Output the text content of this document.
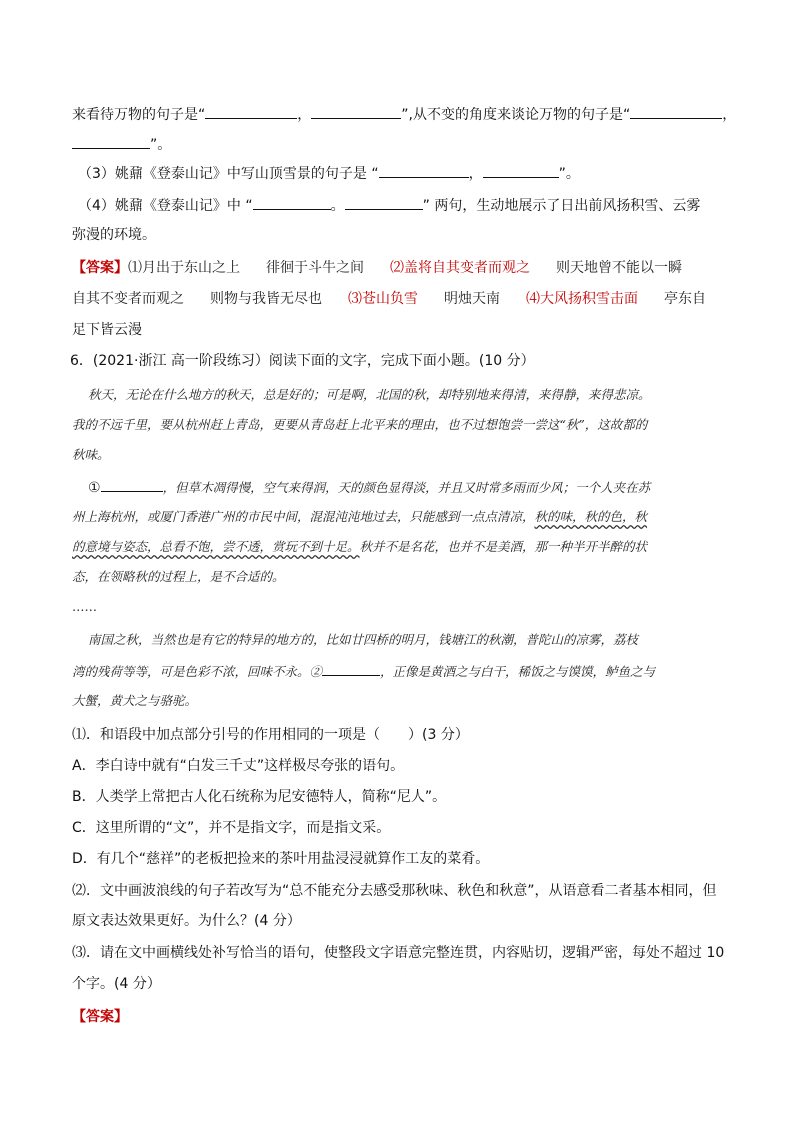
来看待万物的句子是“	，	”,从不变的角度来谈论万物的句子是“	，
”。
（3）姚鼐《登泰山记》中写山顶雪景的句子是 “	，	”。
（4）姚鼐《登泰山记》中 “	。	” 两句，生动地展示了日出前风扬积雪、云雾
弥漫的环境。
【答案】⑴月出于东山之上 徘徊于斗牛之间 ⑵盖将自其变者而观之 则天地曾不能以一瞬
自其不变者而观之 则物与我皆无尽也 ⑶苍山负雪 明烛天南 ⑷大风扬积雪击面 亭东自
足下皆云漫
6．(2021·浙江 高一阶段练习）阅读下面的文字，完成下面小题。(10 分）
秋天，无论在什么地方的秋天，总是好的；可是啊，北国的秋，却特别地来得清，来得静，来得悲凉。
我的不远千里，要从杭州赶上青岛，更要从青岛赶上北平来的理由，也不过想饱尝一尝这“秋”，这故都的
秋味。
①	，但草木凋得慢，空气来得润，天的颜色显得淡，并且又时常多雨而少风；一个人夹在苏
州上海杭州，或厦门香港广州的市民中间，混混沌沌地过去，只能感到一点点清凉，秋的味，秋的色，秋
的意境与姿态，总看不饱，尝不透，赏玩不到十足。秋并不是名花，也并不是美酒，那一种半开半醉的状
态，在领略秋的过程上，是不合适的。
……
南国之秋，当然也是有它的特异的地方的，比如廿四桥的明月，钱塘江的秋潮，普陀山的凉雾，荔枝
湾的残荷等等，可是色彩不浓，回味不永。②	，正像是黄酒之与白干，稀饭之与馍馍，鲈鱼之与
大蟹，黄犬之与骆驼。
⑴．和语段中加点部分引号的作用相同的一项是（　　）(3 分）
A．李白诗中就有“白发三千丈”这样极尽夸张的语句。
B．人类学上常把古人化石统称为尼安德特人，简称“尼人”。
C．这里所谓的“文”，并不是指文字，而是指文采。
D．有几个“慈祥”的老板把捡来的茶叶用盐浸浸就算作工友的菜肴。
⑵．文中画波浪线的句子若改写为“总不能充分去感受那秋味、秋色和秋意”，从语意看二者基本相同，但
原文表达效果更好。为什么？(4 分）
⑶．请在文中画横线处补写恰当的语句，使整段文字语意完整连贯，内容贴切，逻辑严密，每处不超过 10
个字。(4 分）
【答案】
